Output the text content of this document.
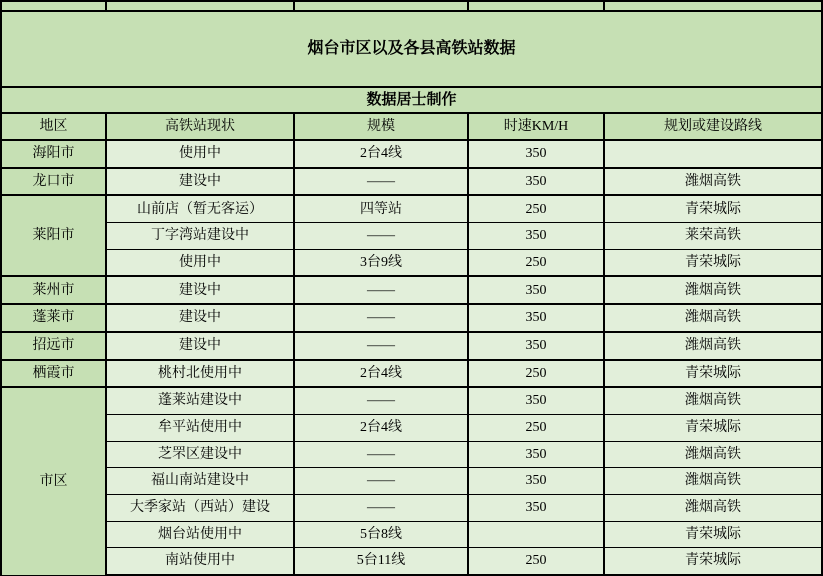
烟台市区以及各县高铁站数据				
数据居士制作				
地区	高铁站现状	规模	时速KM/H	规划或建设路线
海阳市	使用中	2台4线	350	
龙口市	建设中	——	350	潍烟高铁
莱阳市	山前店（暂无客运）	四等站	250	青荣城际
	丁字湾站建设中	——	350	莱荣高铁
	使用中	3台9线	250	青荣城际
莱州市	建设中	——	350	潍烟高铁
蓬莱市	建设中	——	350	潍烟高铁
招远市	建设中	——	350	潍烟高铁
栖霞市	桃村北使用中	2台4线	250	青荣城际
市区	蓬莱站建设中	——	350	潍烟高铁
	牟平站使用中	2台4线	250	青荣城际
	芝罘区建设中	——	350	潍烟高铁
	福山南站建设中	——	350	潍烟高铁
	大季家站（西站）建设	——	350	潍烟高铁
	烟台站使用中	5台8线		青荣城际
	南站使用中	5台11线	250	青荣城际
